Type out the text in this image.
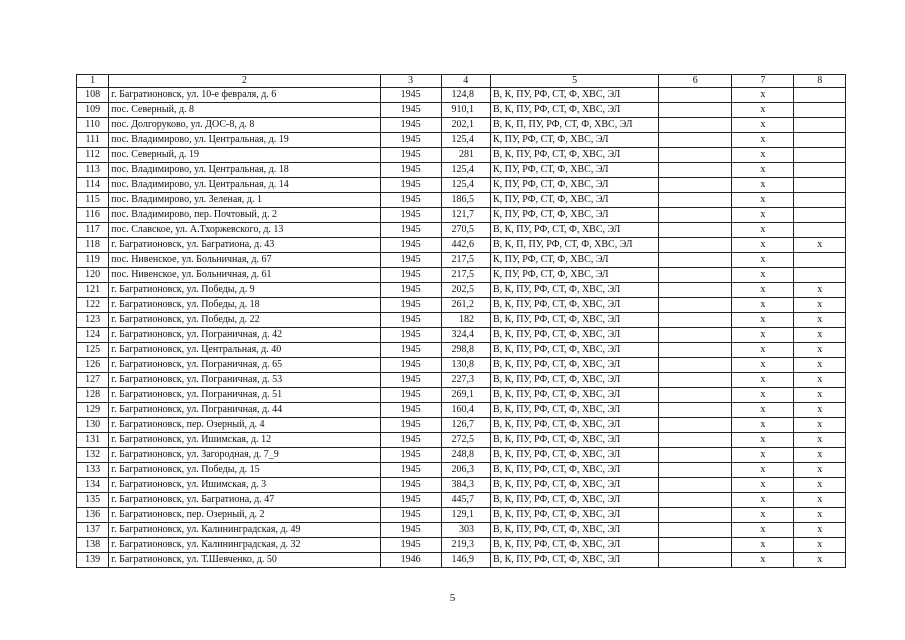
1	2	3	4	5	6	7	8
108	г. Багратионовск, ул. 10-е февраля, д. 6	1945	124,8	В, К, ПУ, РФ, СТ, Ф, ХВС, ЭЛ		х	
109	пос. Северный, д. 8	1945	910,1	В, К, ПУ, РФ, СТ, Ф, ХВС, ЭЛ		х	
110	пос. Долгоруково, ул. ДОС-8, д. 8	1945	202,1	В, К, П, ПУ, РФ, СТ, Ф, ХВС, ЭЛ		х	
111	пос. Владимирово, ул. Центральная, д. 19	1945	125,4	К, ПУ, РФ, СТ, Ф, ХВС, ЭЛ		х	
112	пос. Северный, д. 19	1945	281	В, К, ПУ, РФ, СТ, Ф, ХВС, ЭЛ		х	
113	пос. Владимирово, ул. Центральная, д. 18	1945	125,4	К, ПУ, РФ, СТ, Ф, ХВС, ЭЛ		х	
114	пос. Владимирово, ул. Центральная, д. 14	1945	125,4	К, ПУ, РФ, СТ, Ф, ХВС, ЭЛ		х	
115	пос. Владимирово, ул. Зеленая, д. 1	1945	186,5	К, ПУ, РФ, СТ, Ф, ХВС, ЭЛ		х	
116	пос. Владимирово, пер. Почтовый, д. 2	1945	121,7	К, ПУ, РФ, СТ, Ф, ХВС, ЭЛ		х	
117	пос. Славское, ул. А.Тхоржевского, д. 13	1945	270,5	В, К, ПУ, РФ, СТ, Ф, ХВС, ЭЛ		х	
118	г. Багратионовск, ул. Багратиона, д. 43	1945	442,6	В, К, П, ПУ, РФ, СТ, Ф, ХВС, ЭЛ		х	х
119	пос. Нивенское, ул. Больничная, д. 67	1945	217,5	К, ПУ, РФ, СТ, Ф, ХВС, ЭЛ		х	
120	пос. Нивенское, ул. Больничная, д. 61	1945	217,5	К, ПУ, РФ, СТ, Ф, ХВС, ЭЛ		х	
121	г. Багратионовск, ул. Победы, д. 9	1945	202,5	В, К, ПУ, РФ, СТ, Ф, ХВС, ЭЛ		х	х
122	г. Багратионовск, ул. Победы, д. 18	1945	261,2	В, К, ПУ, РФ, СТ, Ф, ХВС, ЭЛ		х	х
123	г. Багратионовск, ул. Победы, д. 22	1945	182	В, К, ПУ, РФ, СТ, Ф, ХВС, ЭЛ		х	х
124	г. Багратионовск, ул. Пограничная, д. 42	1945	324,4	В, К, ПУ, РФ, СТ, Ф, ХВС, ЭЛ		х	х
125	г. Багратионовск, ул. Центральная, д. 40	1945	298,8	В, К, ПУ, РФ, СТ, Ф, ХВС, ЭЛ		х	х
126	г. Багратионовск, ул. Пограничная, д. 65	1945	130,8	В, К, ПУ, РФ, СТ, Ф, ХВС, ЭЛ		х	х
127	г. Багратионовск, ул. Пограничная, д. 53	1945	227,3	В, К, ПУ, РФ, СТ, Ф, ХВС, ЭЛ		х	х
128	г. Багратионовск, ул. Пограничная, д. 51	1945	269,1	В, К, ПУ, РФ, СТ, Ф, ХВС, ЭЛ		х	х
129	г. Багратионовск, ул. Пограничная, д. 44	1945	160,4	В, К, ПУ, РФ, СТ, Ф, ХВС, ЭЛ		х	х
130	г. Багратионовск, пер. Озерный, д. 4	1945	126,7	В, К, ПУ, РФ, СТ, Ф, ХВС, ЭЛ		х	х
131	г. Багратионовск, ул. Ишимская, д. 12	1945	272,5	В, К, ПУ, РФ, СТ, Ф, ХВС, ЭЛ		х	х
132	г. Багратионовск, ул. Загородная, д. 7_9	1945	248,8	В, К, ПУ, РФ, СТ, Ф, ХВС, ЭЛ		х	х
133	г. Багратионовск, ул. Победы, д. 15	1945	206,3	В, К, ПУ, РФ, СТ, Ф, ХВС, ЭЛ		х	х
134	г. Багратионовск, ул. Ишимская, д. 3	1945	384,3	В, К, ПУ, РФ, СТ, Ф, ХВС, ЭЛ		х	х
135	г. Багратионовск, ул. Багратиона, д. 47	1945	445,7	В, К, ПУ, РФ, СТ, Ф, ХВС, ЭЛ		х	х
136	г. Багратионовск, пер. Озерный, д. 2	1945	129,1	В, К, ПУ, РФ, СТ, Ф, ХВС, ЭЛ		х	х
137	г. Багратионовск, ул. Калининградская, д. 49	1945	303	В, К, ПУ, РФ, СТ, Ф, ХВС, ЭЛ		х	х
138	г. Багратионовск, ул. Калининградская, д. 32	1945	219,3	В, К, ПУ, РФ, СТ, Ф, ХВС, ЭЛ		х	х
139	г. Багратионовск, ул. Т.Шевченко, д. 50	1946	146,9	В, К, ПУ, РФ, СТ, Ф, ХВС, ЭЛ		х	х
5
